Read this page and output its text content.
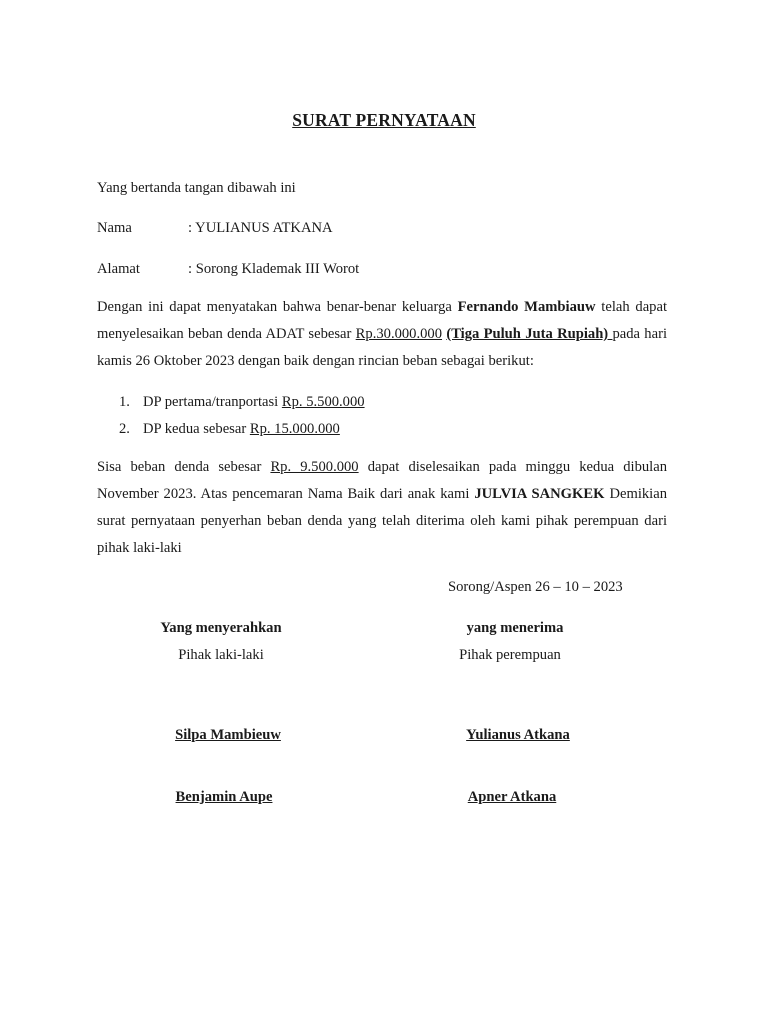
SURAT PERNYATAAN
Yang bertanda tangan dibawah ini
Nama	: YULIANUS ATKANA
Alamat	: Sorong Klademak III Worot
Dengan ini dapat menyatakan bahwa benar-benar keluarga Fernando Mambiauw telah dapat menyelesaikan beban denda ADAT sebesar Rp.30.000.000 (Tiga Puluh Juta Rupiah) pada hari kamis 26 Oktober 2023 dengan baik dengan rincian beban sebagai berikut:
1. DP pertama/tranportasi Rp. 5.500.000
2. DP kedua sebesar Rp. 15.000.000
Sisa beban denda sebesar Rp. 9.500.000 dapat diselesaikan pada minggu kedua dibulan November 2023. Atas pencemaran Nama Baik dari anak kami JULVIA SANGKEK Demikian surat pernyataan penyerhan beban denda yang telah diterima oleh kami pihak perempuan dari pihak laki-laki
Sorong/Aspen 26 – 10 – 2023
Yang menyerahkan
Pihak laki-laki
Silpa Mambieuw
Benjamin Aupe
yang menerima
Pihak perempuan
Yulianus Atkana
Apner Atkana
